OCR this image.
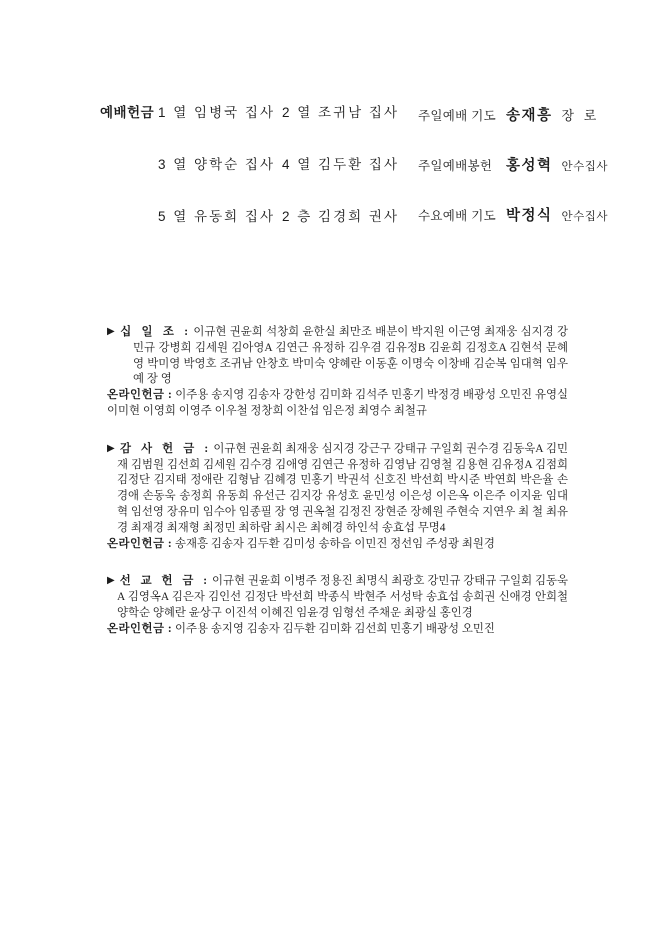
예배헌금 1 열 임병국 집사 2 열 조귀남 집사
3 열 양학순 집사 4 열 김두환 집사
5 열 유동희 집사 2 층 김경희 권사
주일예배 기도 송재흥 장 로
주일예배봉헌 홍성혁 안수집사
수요예배 기도 박정식 안수집사

▶ 십 일 조 : 이규현 권윤희 석창희 윤한실 최만조 배분이 박지원 이근영 최재웅 심지경 강민규 강병희 김세원 김아영A 김연근 유정하 김우겸 김유정B 김윤희 김정호A 김현석 문혜영 박미영 박영호 조귀남 안창호 박미숙 양혜란 이동훈 이명숙 이창배 김순복 임대혁 임우예 장 영

온라인헌금 : 이주용 송지영 김송자 강한성 김미화 김석주 민홍기 박정경 배광성 오민진 유영실 이미현 이영희 이영주 이우철 정창희 이찬섭 임은정 최영수 최철규

▶ 감 사 헌 금 : 이규현 권윤희 최재웅 심지경 강근구 강태규 구일회 권수경 김동욱A 김민재 김범원 김선희 김세원 김수경 김애영 김연근 유정하 김영남 김영철 김용현 김유정A 김점희 김정단 김지태 정애란 김형남 김혜경 민홍기 박권석 신호진 박선희 박시준 박연희 박은율 손경애 손동욱 송정희 유동희 유선근 김지강 유성호 윤민성 이은성 이은옥 이은주 이지윤 임대혁 임선영 장유미 임수아 임종필 장 영 권옥철 김정진 장현준 장혜원 주현숙 지연우 최 철 최유경 최재경 최재형 최정민 최하람 최시은 최혜경 하인석 송효섭 무명4

온라인헌금 : 송재흥 김송자 김두환 김미성 송하음 이민진 정선임 주성광 최원경

▶ 선 교 헌 금 : 이규현 권윤희 이병주 정용진 최명식 최광호 강민규 강태규 구일회 김동욱A 김영옥A 김은자 김인선 김정단 박선희 박종식 박현주 서성탁 송효섭 송희권 신애경 안희철 양학순 양혜란 윤상구 이진석 이혜진 임윤경 임형선 주채운 최광실 홍인경

온라인헌금 : 이주용 송지영 김송자 김두환 김미화 김선희 민홍기 배광성 오민진
